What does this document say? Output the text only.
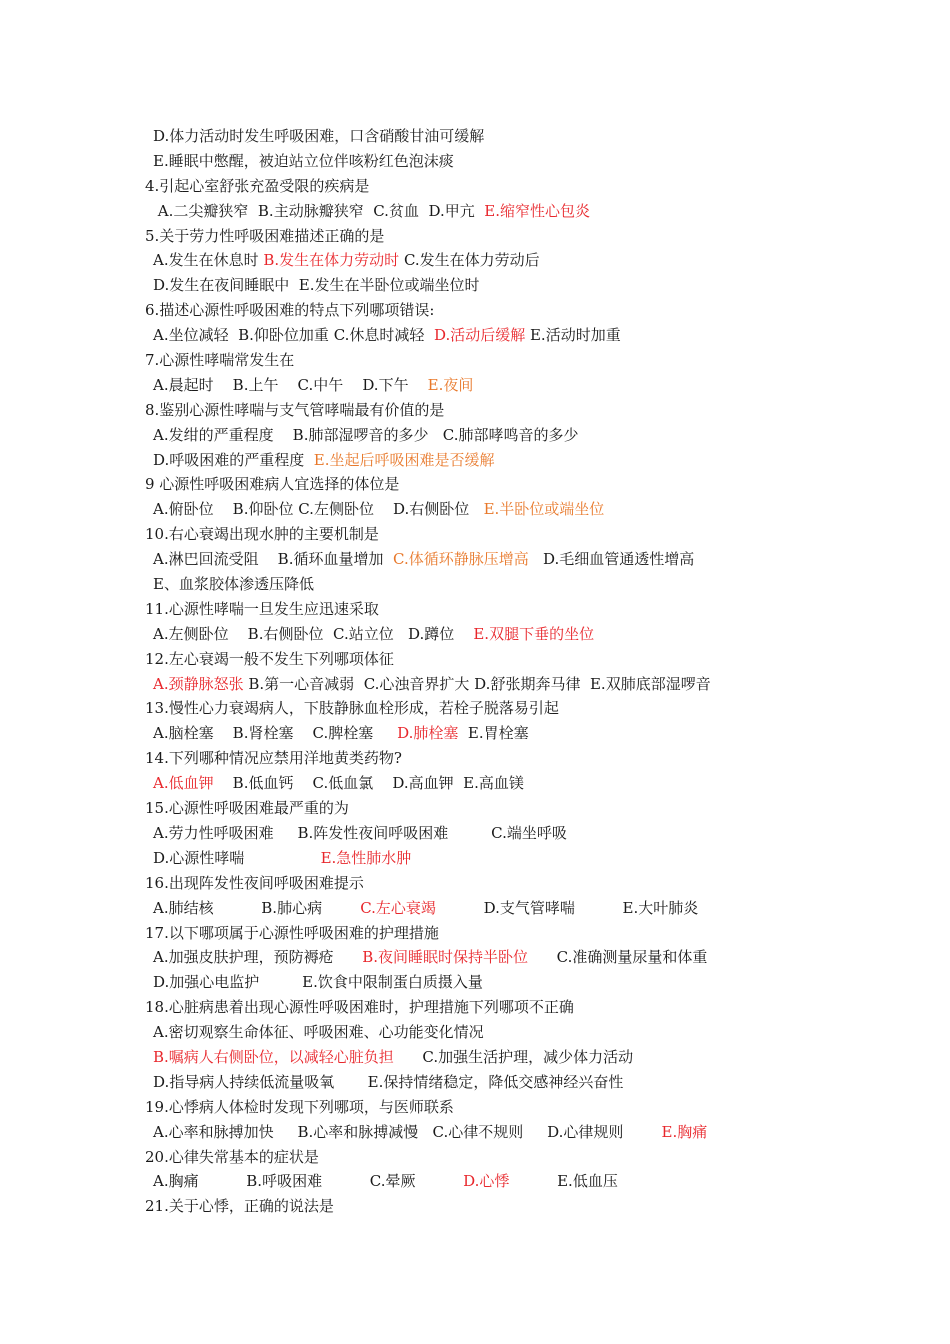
D.体力活动时发生呼吸困难，口含硝酸甘油可缓解
E.睡眠中憋醒，被迫站立位伴咳粉红色泡沫痰
4.引起心室舒张充盈受限的疾病是
A.二尖瓣狭窄  B.主动脉瓣狭窄  C.贫血  D.甲亢  E.缩窄性心包炎
5.关于劳力性呼吸困难描述正确的是
A.发生在休息时 B.发生在体力劳动时 C.发生在体力劳动后
D.发生在夜间睡眠中  E.发生在半卧位或端坐位时
6.描述心源性呼吸困难的特点下列哪项错误:
A.坐位减轻  B.仰卧位加重 C.休息时减轻  D.活动后缓解 E.活动时加重
7.心源性哮喘常发生在
A.晨起时    B.上午    C.中午    D.下午    E.夜间
8.鉴别心源性哮喘与支气管哮喘最有价值的是
A.发绀的严重程度    B.肺部湿啰音的多少   C.肺部哮鸣音的多少
D.呼吸困难的严重程度  E.坐起后呼吸困难是否缓解
9 心源性呼吸困难病人宜选择的体位是
A.俯卧位    B.仰卧位 C.左侧卧位    D.右侧卧位   E.半卧位或端坐位
10.右心衰竭出现水肿的主要机制是
A.淋巴回流受阻    B.循环血量增加  C.体循环静脉压增高   D.毛细血管通透性增高
E、血浆胶体渗透压降低
11.心源性哮喘一旦发生应迅速采取
A.左侧卧位    B.右侧卧位  C.站立位   D.蹲位    E.双腿下垂的坐位
12.左心衰竭一般不发生下列哪项体征
A.颈静脉怒张 B.第一心音减弱  C.心浊音界扩大 D.舒张期奔马律  E.双肺底部湿啰音
13.慢性心力衰竭病人，下肢静脉血栓形成，若栓子脱落易引起
A.脑栓塞    B.肾栓塞    C.脾栓塞     D.肺栓塞  E.胃栓塞
14.下列哪种情况应禁用洋地黄类药物?
A.低血钾    B.低血钙    C.低血氯    D.高血钾  E.高血镁
15.心源性呼吸困难最严重的为
A.劳力性呼吸困难     B.阵发性夜间呼吸困难         C.端坐呼吸
D.心源性哮喘                E.急性肺水肿
16.出现阵发性夜间呼吸困难提示
A.肺结核          B.肺心病        C.左心衰竭          D.支气管哮喘          E.大叶肺炎
17.以下哪项属于心源性呼吸困难的护理措施
A.加强皮肤护理，预防褥疮      B.夜间睡眠时保持半卧位      C.准确测量尿量和体重
D.加强心电监护         E.饮食中限制蛋白质摄入量
18.心脏病患着出现心源性呼吸困难时，护理措施下列哪项不正确
A.密切观察生命体征、呼吸困难、心功能变化情况
B.嘱病人右侧卧位，以减轻心脏负担      C.加强生活护理，减少体力活动
D.指导病人持续低流量吸氧       E.保持情绪稳定，降低交感神经兴奋性
19.心悸病人体检时发现下列哪项，与医师联系
A.心率和脉搏加快     B.心率和脉搏减慢   C.心律不规则     D.心律规则        E.胸痛
20.心律失常基本的症状是
A.胸痛          B.呼吸困难          C.晕厥          D.心悸          E.低血压
21.关于心悸，正确的说法是
